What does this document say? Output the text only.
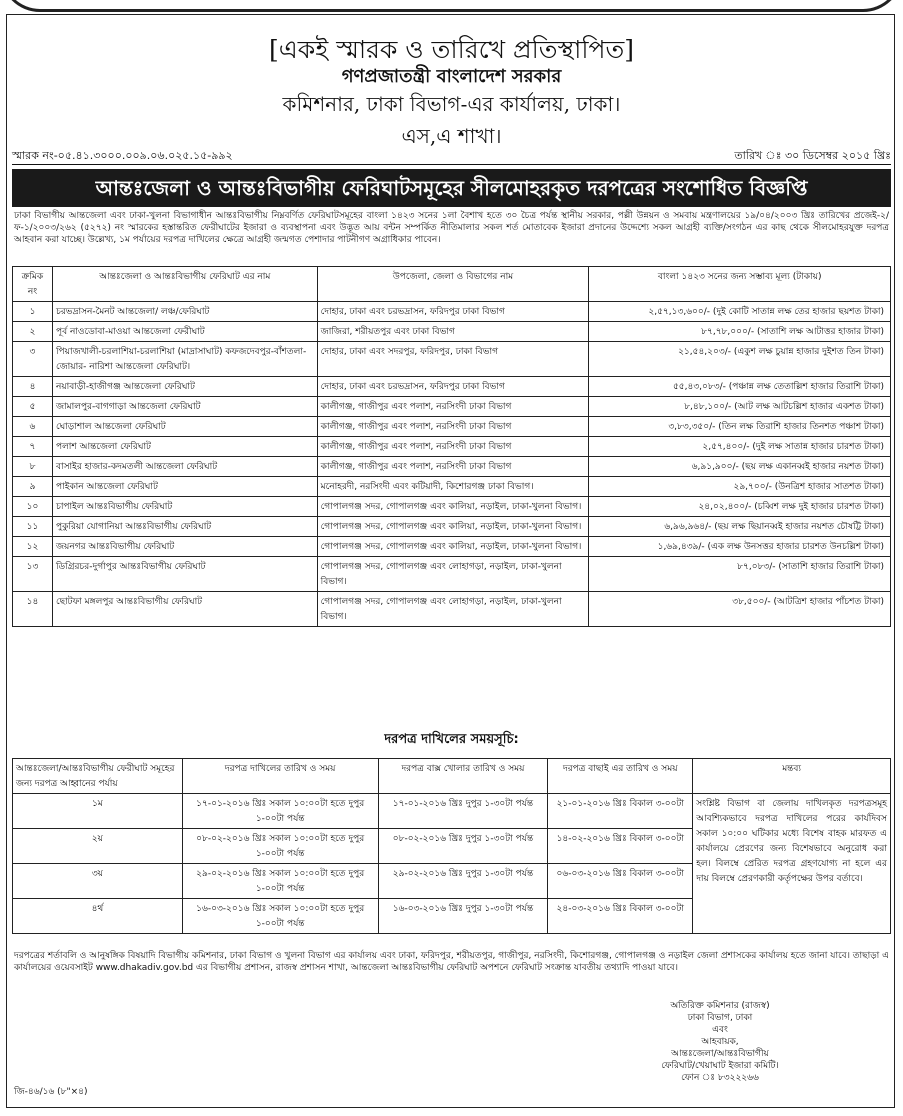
[একই স্মারক ও তারিখে প্রতিস্থাপিত]
গণপ্রজাতন্ত্রী বাংলাদেশ সরকার
কমিশনার, ঢাকা বিভাগ-এর কার্যালয়, ঢাকা।
এস,এ শাখা।
স্মারক নং-০৫.৪১.৩০০০.০০৯.০৬.০২৫.১৫-৯৯২	তারিখ ঃ ৩০ ডিসেম্বর ২০১৫ খ্রিঃ
আন্তঃজেলা ও আন্তঃবিভাগীয় ফেরিঘাটসমূহের সীলমোহরকৃত দরপত্রের সংশোধিত বিজ্ঞপ্তি
ঢাকা বিভাগীয় আন্তজেলা এবং ঢাকা-খুলনা বিভাগাধীন আন্তঃবিভাগীয় নিম্নবর্ণিত ফেরিঘাটসমূহের বাংলা ১৪২৩ সনের ১লা বৈশাখ হতে ৩০ চৈত্র পর্যন্ত স্থানীয় সরকার, পল্লী উন্নয়ন ও সমবায় মন্ত্রণালয়ের ১৯/০৪/২০০৩ খ্রিঃ তারিখের প্রজেই-২/ফ-১/২০০৩/২৬২ (৫২৭২) নং স্মারকের হস্তান্তরিত ফেরীঘাটের ইজারা ও ব্যবস্থাপনা এবং উদ্ভূত আয় বন্টন সম্পর্কিত নীতিমালার সকল শর্ত মোতাবেক ইজারা প্রদানের উদ্দেশ্যে সকল আগ্রহী ব্যক্তি/সংগঠন এর কাছ থেকে সীলমোহরযুক্ত দরপত্র আহবান করা যাচ্ছে। উল্লেখ্য, ১ম পর্যায়ের দরপত্র দাখিলের ক্ষেত্রে আগ্রহী জন্মগত পেশাদার পাটনীগণ অগ্রাধিকার পাবেন।
ক্রমিক নং	আন্তঃজেলা ও আন্তঃবিভাগীয় ফেরিঘাট এর নাম	উপজেলা, জেলা ও বিভাগের নাম	বাংলা ১৪২৩ সনের জন্য সম্ভাব্য মূল্য (টাকায়)
১	চরভদ্রাসন-মৈনট আন্তজেলা/ লঞ্চ/ফেরিঘাট	দোহার, ঢাকা এবং চরভদ্রাসন, ফরিদপুর ঢাকা বিভাগ	২,৫৭,১৩,৬০০/- (দুই কোটি সাতান্ন লক্ষ তের হাজার ছয়শত টাকা)
২	পূর্ব নাওডোবা-মাওয়া আন্তজেলা ফেরীঘাট	জাজিরা, শরীয়তপুর এবং ঢাকা বিভাগ	৮৭,৭৮,০০০/- (সাতাশি লক্ষ আটাত্তর হাজার টাকা)
৩	পিয়াজখালী-চরলাশিয়া-চরলাশিয়া (মাদ্রাসাঘাট) কফজদেবপুর-বাঁশতলা-জোয়ার- নারিশা আন্তজেলা ফেরিঘাট।	দোহার, ঢাকা এবং সদরপুর, ফরিদপুর, ঢাকা বিভাগ	২১,৫৪,২০৩/- (একুশ লক্ষ চুয়ান্ন হাজার দুইশত তিন টাকা)
৪	নয়াবাড়ী-হাজীগঞ্জ আন্তজেলা ফেরিঘাট	দোহার, ঢাকা এবং চরভদ্রাসন, ফরিদপুর ঢাকা বিভাগ	৫৫,৪৩,০৮৩/- (পঞ্চান্ন লক্ষ তেতাল্লিশ হাজার তিরাশি টাকা)
৫	জামালপুর-বাগগাড়া আন্তজেলা ফেরিঘাট	কালীগঞ্জ, গাজীপুর এবং পলাশ, নরসিংদী ঢাকা বিভাগ	৮,৪৮,১০০/- (আট লক্ষ আটচল্লিশ হাজার একশত টাকা)
৬	ঘোড়াশাল আন্তজেলা ফেরিঘাট	কালীগঞ্জ, গাজীপুর এবং পলাশ, নরসিংদী ঢাকা বিভাগ	৩,৮৩,৩৫০/- (তিন লক্ষ তিরাশি হাজার তিনশত পঞ্চাশ টাকা)
৭	পলাশ আন্তজেলা ফেরিঘাট	কালীগঞ্জ, গাজীপুর এবং পলাশ, নরসিংদী ঢাকা বিভাগ	২,৫৭,৪০০/- (দুই লক্ষ সাতান্ন হাজার চারশত টাকা)
৮	বাসাইর হাজার-কদমতলী আন্তজেলা ফেরিঘাট	কালীগঞ্জ, গাজীপুর এবং পলাশ, নরসিংদী ঢাকা বিভাগ	৬,৯১,৯০০/- (ছয় লক্ষ একানব্বই হাজার নয়শত টাকা)
৯	পাইকান আন্তজেলা ফেরিঘাট	মনোহরদী, নরসিংদী এবং কটিয়াদী, কিশোরগঞ্জ ঢাকা বিভাগ।	২৯,৭০০/- (উনত্রিশ হাজার সাতশত টাকা)
১০	চাপাইল আন্তঃবিভাগীয় ফেরিঘাট	গোপালগঞ্জ সদর, গোপালগঞ্জ এবং কালিয়া, নড়াইল, ঢাকা-খুলনা বিভাগ।	২৪,০২,৪০০/- (চব্বিশ লক্ষ দুই হাজার চারশত টাকা)
১১	পুকুরিয়া যোগানিয়া আন্তঃবিভাগীয় ফেরিঘাট	গোপালগঞ্জ সদর, গোপালগঞ্জ এবং কালিয়া, নড়াইল, ঢাকা-খুলনা বিভাগ।	৬,৯৬,৯৬৪/- (ছয় লক্ষ ছিয়ানব্বই হাজার নয়শত চৌষট্টি টাকা)
১২	জয়নগর আন্তঃবিভাগীয় ফেরিঘাট	গোপালগঞ্জ সদর, গোপালগঞ্জ এবং কালিয়া, নড়াইল, ঢাকা-খুলনা বিভাগ।	১,৬৯,৪৩৯/- (এক লক্ষ উনসত্তর হাজার চারশত উনচল্লিশ টাকা)
১৩	ডিগ্রিরচর-দুর্গাপুর আন্তঃবিভাগীয় ফেরিঘাট	গোপালগঞ্জ সদর, গোপালগঞ্জ এবং লোহাগড়া, নড়াইল, ঢাকা-খুলনা বিভাগ।	৮৭,০৮৩/- (সাতাশি হাজার তিরাশি টাকা)
১৪	ছোটফা মঙ্গলপুর আন্তঃবিভাগীয় ফেরিঘাট	গোপালগঞ্জ সদর, গোপালগঞ্জ এবং লোহাগড়া, নড়াইল, ঢাকা-খুলনা বিভাগ।	৩৮,৫০০/- (আটত্রিশ হাজার পাঁচশত টাকা)
দরপত্র দাখিলের সময়সূচি:
আন্তঃজেলা/আন্তঃবিভাগীয় ফেরীঘাট সমূহের জন্য দরপত্র আহ্বানের পর্যায়	দরপত্র দাখিলের তারিখ ও সময়	দরপত্র বাক্স খোলার তারিখ ও সময়	দরপত্র বাছাই এর তারিখ ও সময়	মন্তব্য
১ম	১৭-০১-২০১৬ খ্রিঃ সকাল ১০:০০টা হতে দুপুর ১-০০টা পর্যন্ত	১৭-০১-২০১৬ খ্রিঃ দুপুর ১-৩০টা পর্যন্ত	২১-০১-২০১৬ খ্রিঃ বিকাল ৩-০০টা	সংশ্লিষ্ট বিভাগ বা জেলায় দাখিলকৃত দরপত্রসমূহ আবশ্যিকভাবে দরপত্র দাখিলের পরের কার্যদিবস সকাল ১০:০০ ঘটিকার মধ্যে বিশেষ বাহক মারফত এ কার্যালয়ে প্রেরণের জন্য বিশেষভাবে অনুরোধ করা হল। বিলম্বে প্রেরিত দরপত্র গ্রহণযোগ্য না হলে এর দায় বিলম্বে প্রেরণকারী কর্তৃপক্ষের উপর বর্তাবে।
২য়	০৮-০২-২০১৬ খ্রিঃ সকাল ১০:০০টা হতে দুপুর ১-০০টা পর্যন্ত	০৮-০২-২০১৬ খ্রিঃ দুপুর ১-৩০টা পর্যন্ত	১৪-০২-২০১৬ খ্রিঃ বিকাল ৩-০০টা	
৩য়	২৯-০২-২০১৬ খ্রিঃ সকাল ১০:০০টা হতে দুপুর ১-০০টা পর্যন্ত	২৯-০২-২০১৬ খ্রিঃ দুপুর ১-৩০টা পর্যন্ত	০৬-০৩-২০১৬ খ্রিঃ বিকাল ৩-০০টা	
৪র্থ	১৬-০৩-২০১৬ খ্রিঃ সকাল ১০:০০টা হতে দুপুর ১-০০টা পর্যন্ত	১৬-০৩-২০১৬ খ্রিঃ দুপুর ১-৩০টা পর্যন্ত	২৪-০৩-২০১৬ খ্রিঃ বিকাল ৩-০০টা	
দরপত্রের শর্তাবলি ও আনুষঙ্গিক বিষয়াদি বিভাগীয় কমিশনার, ঢাকা বিভাগ ও খুলনা বিভাগ এর কার্যালয় এবং ঢাকা, ফরিদপুর, শরীয়তপুর, গাজীপুর, নরসিংদী, কিশোরগঞ্জ, গোপালগঞ্জ ও নড়াইল জেলা প্রশাসকের কার্যালয় হতে জানা যাবে। তাছাড়া এ কার্যালয়ের ওয়েবসাইট www.dhakadiv.gov.bd এর বিভাগীয় প্রশাসন, রাজস্ব প্রশাসন শাখা, আন্তজেলা আন্তঃবিভাগীয় ফেরিঘাট অপশনে ফেরিঘাট সংক্রান্ত যাবতীয় তথ্যাদি পাওয়া যাবে।
অতিরিক্ত কমিশনার (রাজস্ব)
ঢাকা বিভাগ, ঢাকা
এবং
আহবায়ক,
আন্তঃজেলা/আন্তঃবিভাগীয়
ফেরিঘাট/খেয়াঘাট ইজারা কমিটি।
ফোন ঃ ৮৩২২২৬৬
জি-৪৬/১৬ (৮"×৪)
